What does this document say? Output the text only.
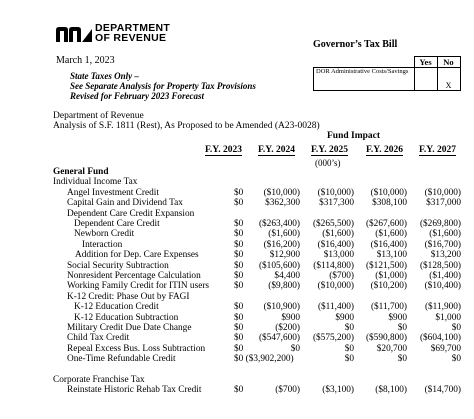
DEPARTMENT
OF REVENUE
Governor’s Tax Bill
March 1, 2023
State Taxes Only –
See Separate Analysis for Property Tax Provisions
Revised for February 2023 Forecast
	Yes	No
DOR Administrative Costs/Savings		X
Department of Revenue
Analysis of S.F. 1811 (Rest), As Proposed to be Amended (A23-0028)
Fund Impact
(000’s)
F.Y. 2023 F.Y. 2024 F.Y. 2025 F.Y. 2026 F.Y. 2027
General Fund
Individual Income Tax
Angel Investment Credit	$0 ($10,000) ($10,000) ($10,000) ($10,000)
Capital Gain and Dividend Tax	$0 $362,300 $317,300 $308,100 $317,000
Dependent Care Credit Expansion
Dependent Care Credit	$0 ($263,400) ($265,500) ($267,600) ($269,800)
Newborn Credit	$0	($1,600) ($1,600) ($1,600) ($1,600)
Interaction	$0 ($16,200) ($16,400) ($16,400) ($16,700)
Addition for Dep. Care Expenses	$0	$12,900	$13,000 $13,100	$13,200
Social Security Subtraction	$0 ($105,600) ($114,800) ($121,500) ($128,500)
Nonresident Percentage Calculation	$0	$4,400	($700) ($1,000) ($1,400)
Working Family Credit for ITIN users	$0	($9,800) ($10,000) ($10,200) ($10,400)
K-12 Credit: Phase Out by FAGI
K-12 Education Credit	$0 ($10,900) ($11,400) ($11,700) ($11,900)
K-12 Education Subtraction	$0	$900	$900	$900	$1,000
Military Credit Due Date Change	$0	($200)	$0	$0	$0
Child Tax Credit	$0 ($547,600) ($575,200) ($590,800) ($604,100)
Repeal Excess Bus. Loss Subtraction	$0	$0	$0 $20,700	$69,700
One-Time Refundable Credit	$0 ($3,902,200)	$0	$0	$0
Corporate Franchise Tax
Reinstate Historic Rehab Tax Credit	$0	($700) ($3,100) ($8,100) ($14,700)
